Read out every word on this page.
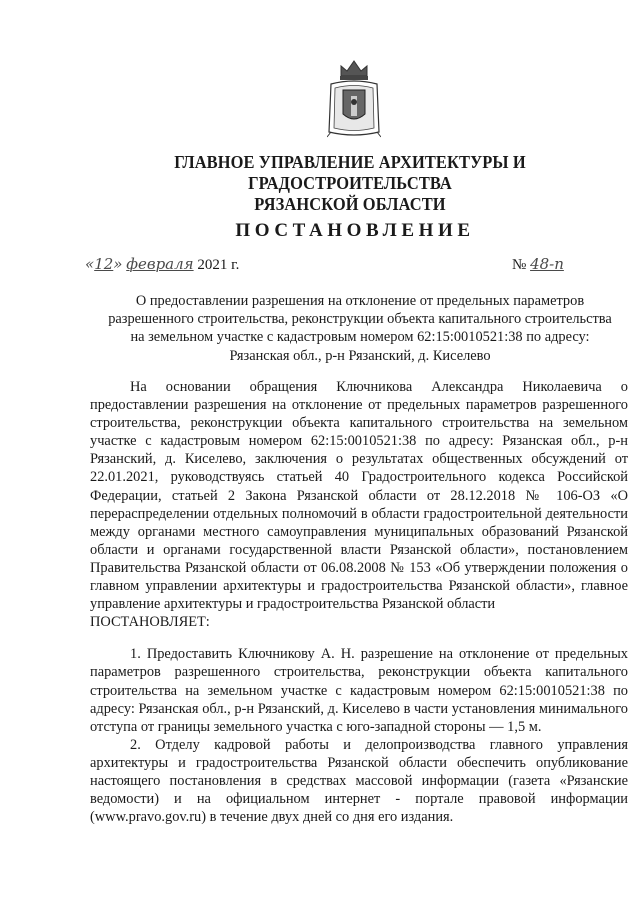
ГЛАВНОЕ УПРАВЛЕНИЕ АРХИТЕКТУРЫ И ГРАДОСТРОИТЕЛЬСТВА
РЯЗАНСКОЙ ОБЛАСТИ
ПОСТАНОВЛЕНИЕ
«12» февраля 2021 г.	№ 48-п
О предоставлении разрешения на отклонение от предельных параметров
разрешенного строительства, реконструкции объекта капитального строительства
на земельном участке с кадастровым номером 62:15:0010521:38 по адресу:
Рязанская обл., р-н Рязанский, д. Киселево

На основании обращения Ключникова Александра Николаевича о предоставлении разрешения на отклонение от предельных параметров разрешенного строительства, реконструкции объекта капитального строительства на земельном участке с кадастровым номером 62:15:0010521:38 по адресу: Рязанская обл., р-н Рязанский, д. Киселево, заключения о результатах общественных обсуждений от 22.01.2021, руководствуясь статьей 40 Градостроительного кодекса Российской Федерации, статьей 2 Закона Рязанской области от 28.12.2018 № 106-ОЗ «О перераспределении отдельных полномочий в области градостроительной деятельности между органами местного самоуправления муниципальных образований Рязанской области и органами государственной власти Рязанской области», постановлением Правительства Рязанской области от 06.08.2008 № 153 «Об утверждении положения о главном управлении архитектуры и градостроительства Рязанской области», главное управление архитектуры и градостроительства Рязанской области

ПОСТАНОВЛЯЕТ:

1. Предоставить Ключникову А. Н. разрешение на отклонение от предельных параметров разрешенного строительства, реконструкции объекта капитального строительства на земельном участке с кадастровым номером 62:15:0010521:38 по адресу: Рязанская обл., р-н Рязанский, д. Киселево в части установления минимального отступа от границы земельного участка с юго-западной стороны — 1,5 м.

2. Отделу кадровой работы и делопроизводства главного управления архитектуры и градостроительства Рязанской области обеспечить опубликование настоящего постановления в средствах массовой информации (газета «Рязанские ведомости) и на официальном интернет - портале правовой информации (www.pravo.gov.ru) в течение двух дней со дня его издания.
